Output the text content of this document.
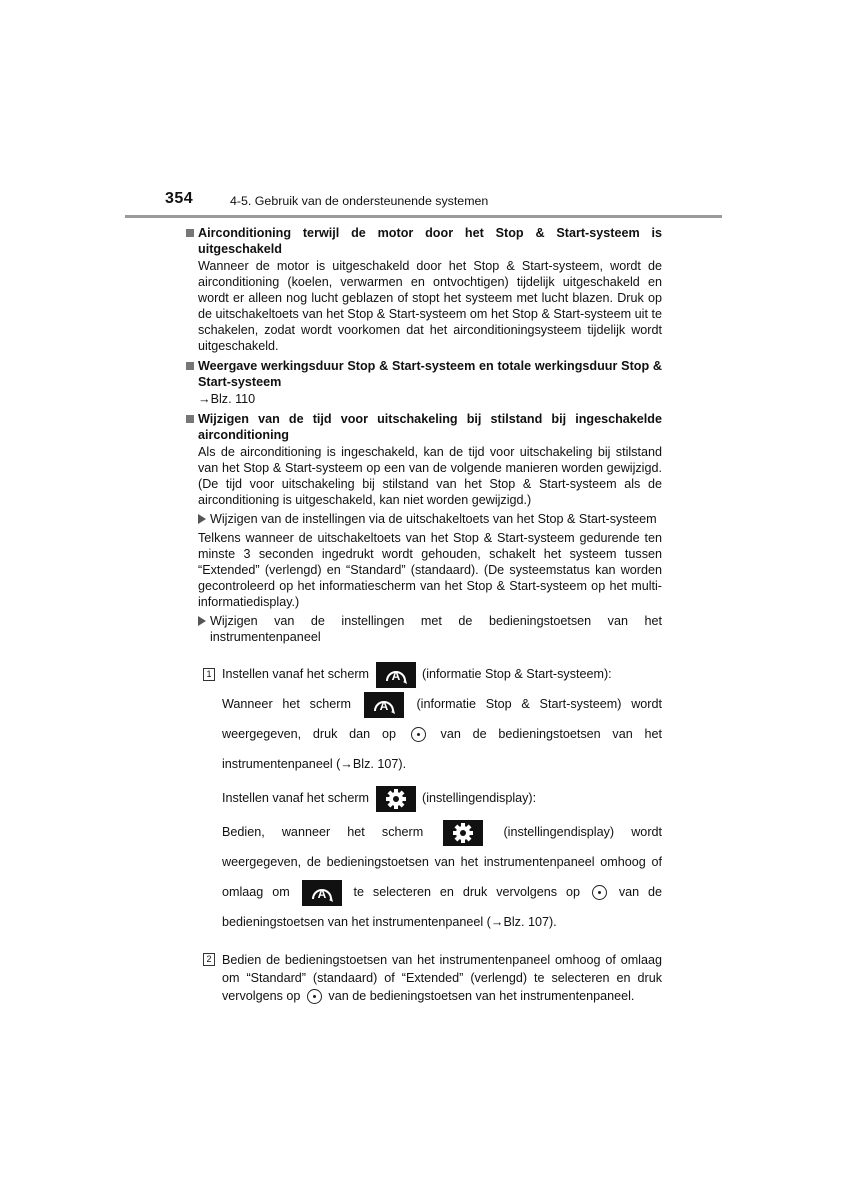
354	4-5. Gebruik van de ondersteunende systemen
Airconditioning terwijl de motor door het Stop & Start-systeem is uitgeschakeld
Wanneer de motor is uitgeschakeld door het Stop & Start-systeem, wordt de airconditioning (koelen, verwarmen en ontvochtigen) tijdelijk uitgeschakeld en wordt er alleen nog lucht geblazen of stopt het systeem met lucht blazen. Druk op de uitschakeltoets van het Stop & Start-systeem om het Stop & Start-systeem uit te schakelen, zodat wordt voorkomen dat het airconditioningsysteem tijdelijk wordt uitgeschakeld.
Weergave werkingsduur Stop & Start-systeem en totale werkingsduur Stop & Start-systeem
→Blz. 110
Wijzigen van de tijd voor uitschakeling bij stilstand bij ingeschakelde airconditioning
Als de airconditioning is ingeschakeld, kan de tijd voor uitschakeling bij stilstand van het Stop & Start-systeem op een van de volgende manieren worden gewijzigd. (De tijd voor uitschakeling bij stilstand van het Stop & Start-systeem als de airconditioning is uitgeschakeld, kan niet worden gewijzigd.)
Wijzigen van de instellingen via de uitschakeltoets van het Stop & Start-systeem
Telkens wanneer de uitschakeltoets van het Stop & Start-systeem gedurende ten minste 3 seconden ingedrukt wordt gehouden, schakelt het systeem tussen “Extended” (verlengd) en “Standard” (standaard). (De systeemstatus kan worden gecontroleerd op het informatiescherm van het Stop & Start-systeem op het multi-informatiedisplay.)
Wijzigen van de instellingen met de bedieningstoetsen van het instrumentenpaneel
1 Instellen vanaf het scherm A (informatie Stop & Start-systeem):
Wanneer het scherm A (informatie Stop & Start-systeem) wordt weergegeven, druk dan op	van de bedieningstoetsen van het instrumentenpaneel (→Blz. 107).
Instellen vanaf het scherm	(instellingendisplay):
Bedien, wanneer het scherm	(instellingendisplay) wordt weergegeven, de bedieningstoetsen van het instrumentenpaneel omhoog of omlaag om A te selecteren en druk vervolgens op	van de bedieningstoetsen van het instrumentenpaneel (→Blz. 107).
2 Bedien de bedieningstoetsen van het instrumentenpaneel omhoog of omlaag om “Standard” (standaard) of “Extended” (verlengd) te selecteren en druk vervolgens op van de bedieningstoetsen van het instrumentenpaneel.
